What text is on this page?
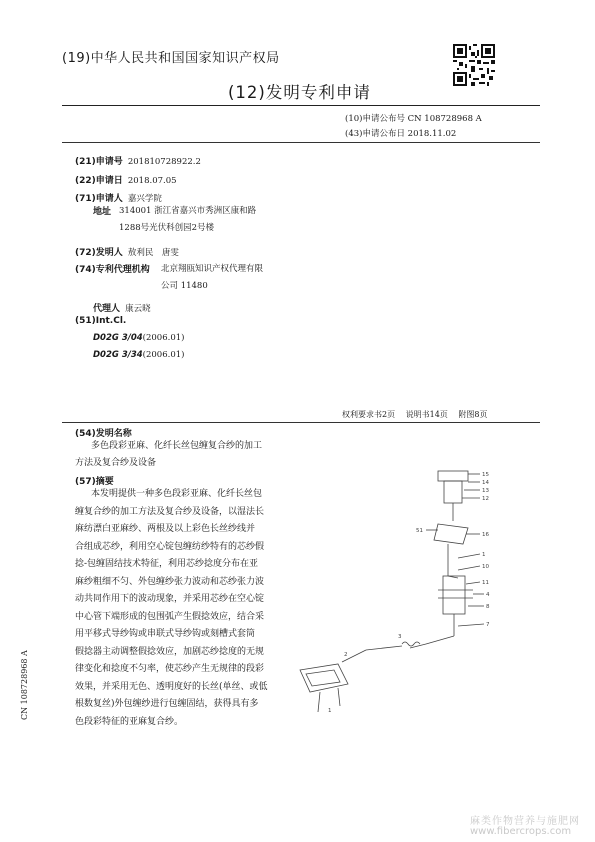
(19)中华人民共和国国家知识产权局
(12)发明专利申请
(10)申请公布号 CN 108728968 A
(43)申请公布日 2018.11.02
(21)申请号 201810728922.2
(22)申请日 2018.07.05
(71)申请人 嘉兴学院
地址 314001 浙江省嘉兴市秀洲区康和路
1288号光伏科创园2号楼
(72)发明人 敖利民　唐雯
(74)专利代理机构 北京翔瓯知识产权代理有限
公司 11480
代理人 康云晓
(51)Int.Cl.
D02G 3/04(2006.01)
D02G 3/34(2006.01)
权利要求书2页　 说明书14页　 附图8页
(54)发明名称
多色段彩亚麻、化纤长丝包缠复合纱的加工
方法及复合纱及设备
(57)摘要
本发明提供一种多色段彩亚麻、化纤长丝包
缠复合纱的加工方法及复合纱及设备，以湿法长
麻纺漂白亚麻纱、两根及以上彩色长丝纱线并
合组成芯纱，利用空心锭包缠纺纱特有的芯纱假
捻-包缠固结技术特征，利用芯纱捻度分布在亚
麻纱粗细不匀、外包缠纱张力波动和芯纱张力波
动共同作用下的波动现象，并采用芯纱在空心锭
中心管下端形成的包围弧产生假捻效应，结合采
用平移式导纱钩或串联式导纱钩或刻槽式套筒
假捻器主动调整假捻效应，加剧芯纱捻度的无规
律变化和捻度不匀率，使芯纱产生无规律的段彩
效果，并采用无色、透明度好的长丝(单丝、或低
根数复丝)外包缠纱进行包缠固结，获得具有多
色段彩特征的亚麻复合纱。
15
14
13
12
51
16
1
10
11
4
8
7
3
2
1
CN 108728968 A
麻类作物营养与施肥网
www.fibercrops.com
